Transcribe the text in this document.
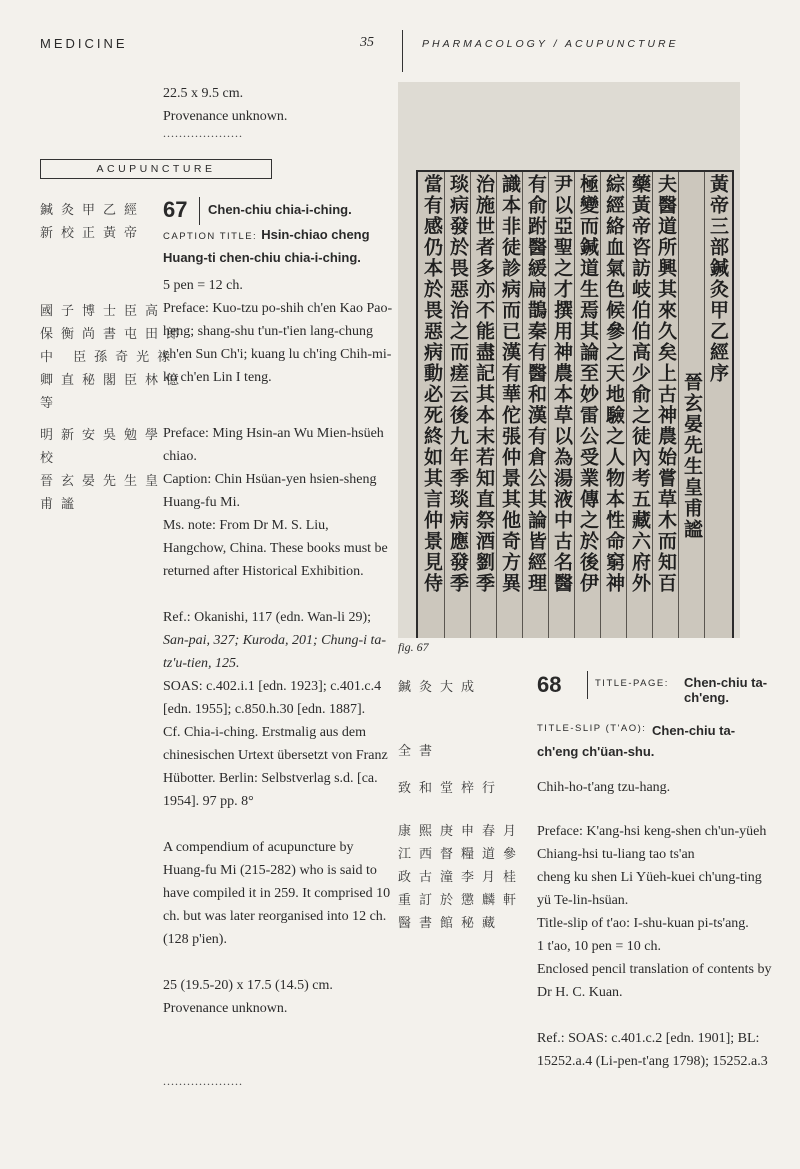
MEDICINE	35	PHARMACOLOGY / ACUPUNCTURE
22.5 x 9.5 cm.
Provenance unknown.
....................
ACUPUNCTURE
鍼灸甲乙經
新校正黃帝
67 Chen-chiu chia-i-ching.
CAPTION TITLE: Hsin-chiao cheng Huang-ti chen-chiu chia-i-ching.
5 pen = 12 ch.
國子博士臣高
保衡尚書屯田郎
中 臣孫奇光祿
卿直秘閣臣林億
等
Preface: Kuo-tzu po-shih ch'en Kao Pao-
heng; shang-shu t'un-t'ien lang-chung
ch'en Sun Ch'i; kuang lu ch'ing Chih-mi-
ko ch'en Lin I teng.
明新安吳勉學
校
晉玄晏先生皇
甫謐
Preface: Ming Hsin-an Wu Mien-hsüeh
chiao.
Caption: Chin Hsüan-yen hsien-sheng
Huang-fu Mi.
Ms. note: From Dr M. S. Liu,
Hangchow, China. These books must be
returned after Historical Exhibition.
Ref.: Okanishi, 117 (edn. Wan-li 29);
San-pai, 327; Kuroda, 201; Chung-i ta-
tz'u-tien, 125.
SOAS: c.402.i.1 [edn. 1923]; c.401.c.4
[edn. 1955]; c.850.h.30 [edn. 1887].
Cf. Chia-i-ching. Erstmalig aus dem
chinesischen Urtext übersetzt von Franz
Hübotter. Berlin: Selbstverlag s.d. [ca.
1954]. 97 pp. 8°
A compendium of acupuncture by
Huang-fu Mi (215-282) who is said to
have compiled it in 259. It comprised 10
ch. but was later reorganised into 12 ch.
(128 p'ien).
25 (19.5-20) x 17.5 (14.5) cm.
Provenance unknown.
黃帝三部鍼灸甲乙經序
晉玄晏先生皇甫謐
夫醫道所興其來久矣上古神農始嘗草木而知百
藥黃帝咨訪岐伯伯高少俞之徒內考五藏六府外
綜經絡血氣色候參之天地驗之人物本性命窮神
極變而鍼道生焉其論至妙雷公受業傳之於後伊
尹以亞聖之才撰用神農本草以為湯液中古名醫
有俞跗醫緩扁鵲秦有醫和漢有倉公其論皆經理
識本非徒診病而已漢有華佗張仲景其他奇方異
治施世者多亦不能盡記其本末若知直祭酒劉季
琰病發於畏惡治之而瘥云後九年季琰病應發季
當有感仍本於畏惡病動必死終如其言仲景見侍
fig. 67
鍼灸大成 68	TITLE-PAGE: Chen-chiu ta-ch'eng.
TITLE-SLIP (T'AO): Chen-chiu ta-ch'eng ch'üan-shu.
全書
致和堂梓行 Chih-ho-t'ang tzu-hang.
康熙庚申春月
江西督糧道參
政古潼李月桂
重訂於懲麟軒
醫書館秘藏
Preface: K'ang-hsi keng-shen ch'un-yüeh
Chiang-hsi tu-liang tao ts'an
cheng ku shen Li Yüeh-kuei ch'ung-ting
yü Te-lin-hsüan.
Title-slip of t'ao: I-shu-kuan pi-ts'ang.
1 t'ao, 10 pen = 10 ch.
Enclosed pencil translation of contents by
Dr H. C. Kuan.
Ref.: SOAS: c.401.c.2 [edn. 1901]; BL:
15252.a.4 (Li-pen-t'ang 1798); 15252.a.3
....................
